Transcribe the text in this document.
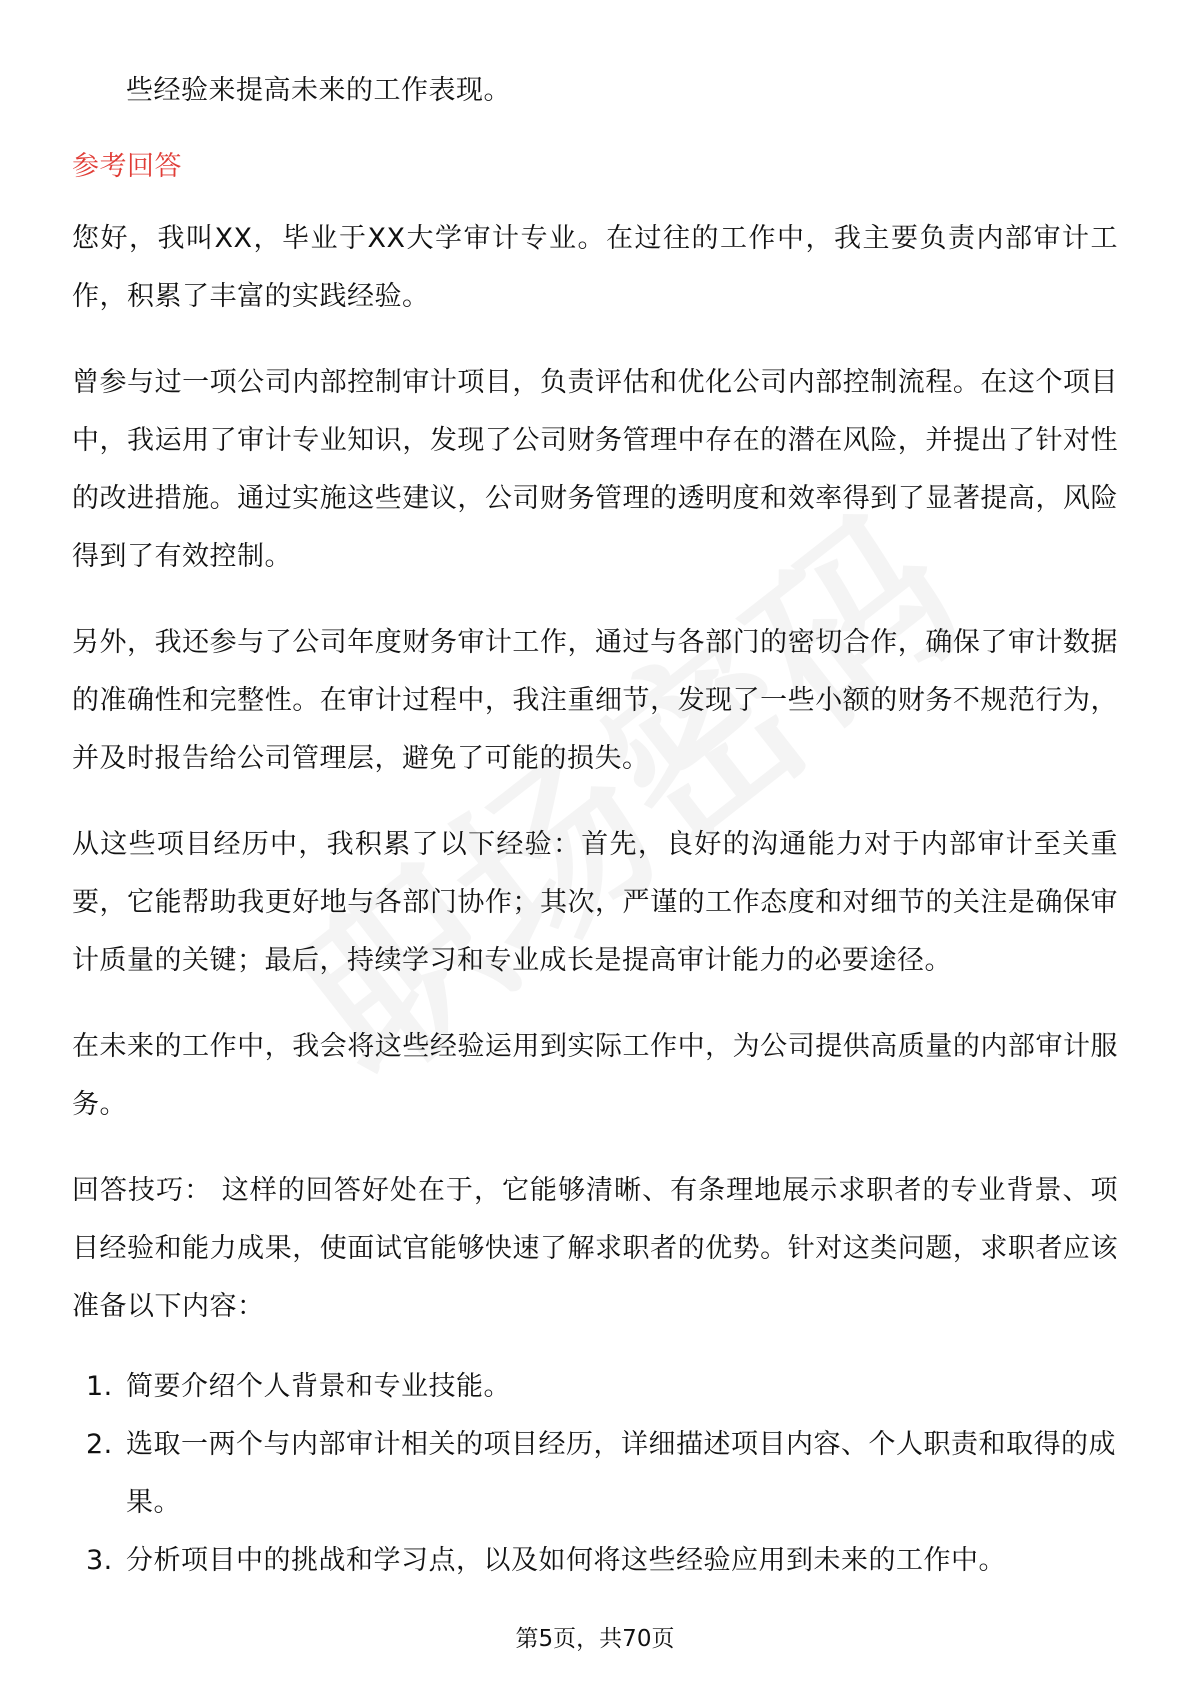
些经验来提高未来的工作表现。

参考回答

您好，我叫XX，毕业于XX大学审计专业。在过往的工作中，我主要负责内部审计工作，积累了丰富的实践经验。

曾参与过一项公司内部控制审计项目，负责评估和优化公司内部控制流程。在这个项目中，我运用了审计专业知识，发现了公司财务管理中存在的潜在风险，并提出了针对性的改进措施。通过实施这些建议，公司财务管理的透明度和效率得到了显著提高，风险得到了有效控制。

另外，我还参与了公司年度财务审计工作，通过与各部门的密切合作，确保了审计数据的准确性和完整性。在审计过程中，我注重细节，发现了一些小额的财务不规范行为，并及时报告给公司管理层，避免了可能的损失。

从这些项目经历中，我积累了以下经验：首先，良好的沟通能力对于内部审计至关重要，它能帮助我更好地与各部门协作；其次，严谨的工作态度和对细节的关注是确保审计质量的关键；最后，持续学习和专业成长是提高审计能力的必要途径。

在未来的工作中，我会将这些经验运用到实际工作中，为公司提供高质量的内部审计服务。

回答技巧： 这样的回答好处在于，它能够清晰、有条理地展示求职者的专业背景、项目经验和能力成果，使面试官能够快速了解求职者的优势。针对这类问题，求职者应该准备以下内容：

1. 简要介绍个人背景和专业技能。
2. 选取一两个与内部审计相关的项目经历，详细描述项目内容、个人职责和取得的成果。
3. 分析项目中的挑战和学习点，以及如何将这些经验应用到未来的工作中。
第5页，共70页
